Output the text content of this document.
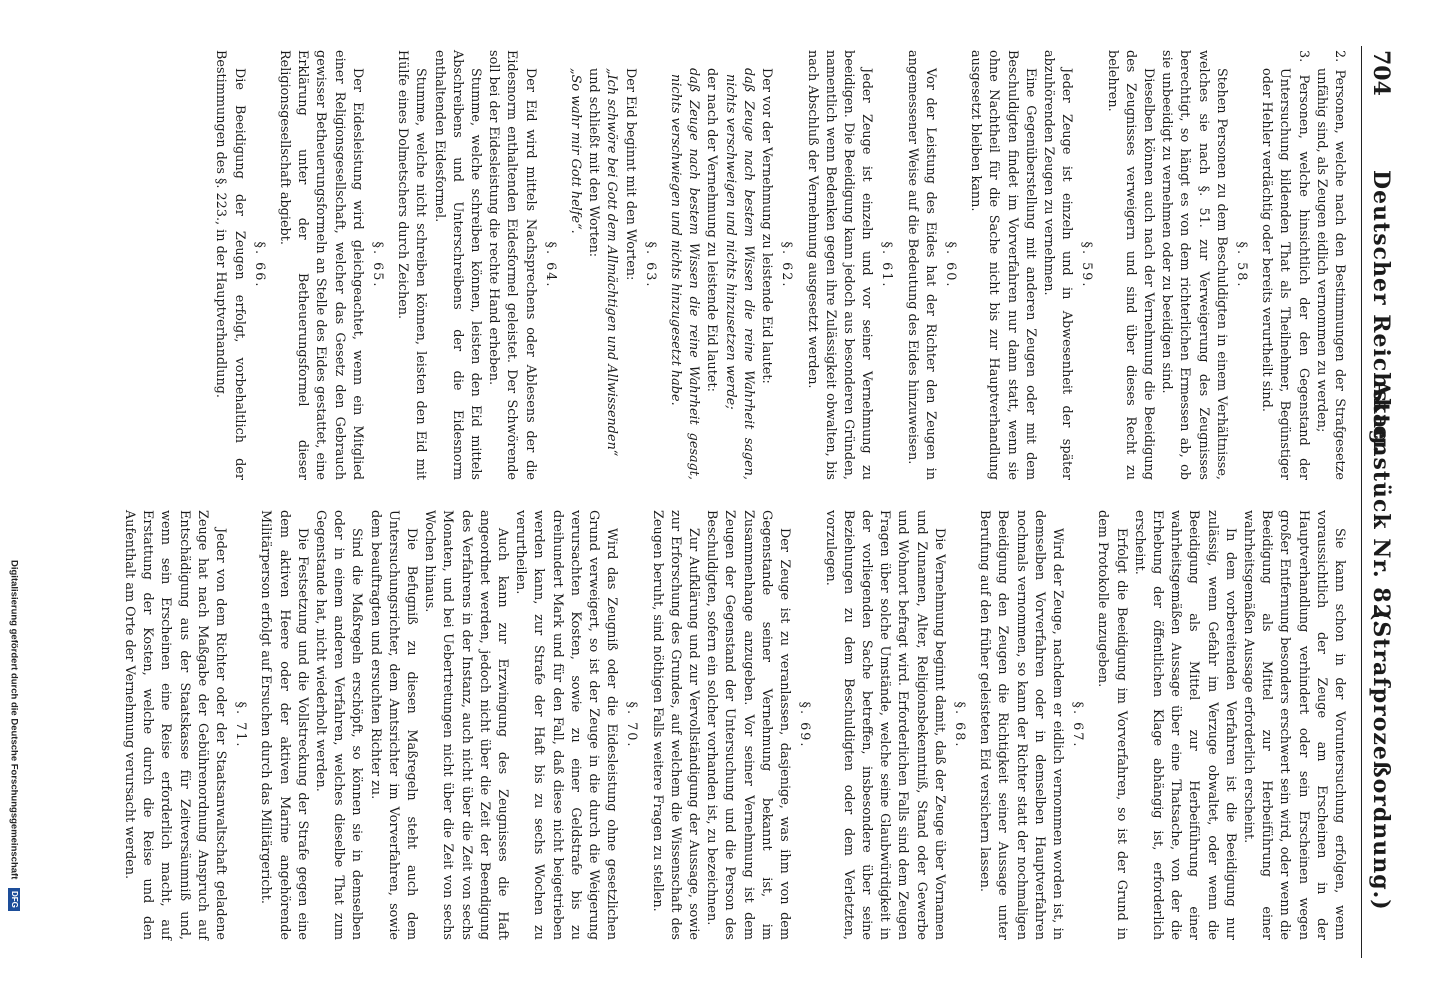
704
Deutscher Reichstag.
Aktenstück Nr. 82.
(Strafprozeßordnung.)

2. Personen, welche nach den Bestimmungen der Strafgesetze unfähig sind, als Zeugen eidlich vernommen zu werden;

3. Personen, welche hinsichtlich der den Gegenstand der Untersuchung bildenden That als Theilnehmer, Begünstiger oder Hehler verdächtig oder bereits verurtheilt sind.

§. 58.

Stehen Personen zu dem Beschuldigten in einem Verhältnisse, welches sie nach §. 51. zur Verweigerung des Zeugnisses berechtigt, so hängt es von dem richterlichen Ermessen ab, ob sie unbeeidigt zu vernehmen oder zu beeidigen sind.

Dieselben können auch nach der Vernehmung die Beeidigung des Zeugnisses verweigern und sind über dieses Recht zu belehren.

§. 59.

Jeder Zeuge ist einzeln und in Abwesenheit der später abzuhörenden Zeugen zu vernehmen.

Eine Gegenüberstellung mit anderen Zeugen oder mit dem Beschuldigten findet im Vorverfahren nur dann statt, wenn sie ohne Nachtheil für die Sache nicht bis zur Hauptverhandlung ausgesetzt bleiben kann.

§. 60.

Vor der Leistung des Eides hat der Richter den Zeugen in angemessener Weise auf die Bedeutung des Eides hinzuweisen.

§. 61.

Jeder Zeuge ist einzeln und vor seiner Vernehmung zu beeidigen. Die Beeidigung kann jedoch aus besonderen Gründen, namentlich wenn Bedenken gegen ihre Zulässigkeit obwalten, bis nach Abschluß der Vernehmung ausgesetzt werden.

§. 62.

Der vor der Vernehmung zu leistende Eid lautet:

daß Zeuge nach bestem Wissen die reine Wahrheit sagen, nichts verschweigen und nichts hinzusetzen werde;

der nach der Vernehmung zu leistende Eid lautet:

daß Zeuge nach bestem Wissen die reine Wahrheit gesagt, nichts verschwiegen und nichts hinzugesetzt habe.

§. 63.

Der Eid beginnt mit den Worten:

„Ich schwöre bei Gott dem Allmächtigen und Allwissenden“

und schließt mit den Worten:

„So wahr mir Gott helfe“.

§. 64.

Der Eid wird mittels Nachsprechens oder Ablesens der die Eidesnorm enthaltenden Eidesformel geleistet. Der Schwörende soll bei der Eidesleistung die rechte Hand erheben.

Stumme, welche schreiben können, leisten den Eid mittels Abschreibens und Unterschreibens der die Eidesnorm enthaltenden Eidesformel.

Stumme, welche nicht schreiben können, leisten den Eid mit Hülfe eines Dolmetschers durch Zeichen.

§. 65.

Der Eidesleistung wird gleichgeachtet, wenn ein Mitglied einer Religionsgesellschaft, welcher das Gesetz den Gebrauch gewisser Betheuerungsformeln an Stelle des Eides gestattet, eine Erklärung unter der Betheuerungsformel dieser Religionsgesellschaft abgiebt.

§. 66.

Die Beeidigung der Zeugen erfolgt, vorbehaltlich der Bestimmungen des §. 223., in der Hauptverhandlung.

Sie kann schon in der Voruntersuchung erfolgen, wenn voraussichtlich der Zeuge am Erscheinen in der Hauptverhandlung verhindert oder sein Erscheinen wegen großer Entfernung besonders erschwert sein wird, oder wenn die Beeidigung als Mittel zur Herbeiführung einer wahrheitsgemäßen Aussage erforderlich erscheint.

In dem vorbereitenden Verfahren ist die Beeidigung nur zulässig, wenn Gefahr im Verzuge obwaltet, oder wenn die Beeidigung als Mittel zur Herbeiführung einer wahrheitsgemäßen Aussage über eine Thatsache, von der die Erhebung der öffentlichen Klage abhängig ist, erforderlich erscheint.

Erfolgt die Beeidigung im Vorverfahren, so ist der Grund in dem Protokolle anzugeben.

§. 67.

Wird der Zeuge, nachdem er eidlich vernommen worden ist, in demselben Vorverfahren oder in demselben Hauptverfahren nochmals vernommen, so kann der Richter statt der nochmaligen Beeidigung den Zeugen die Richtigkeit seiner Aussage unter Berufung auf den früher geleisteten Eid versichern lassen.

§. 68.

Die Vernehmung beginnt damit, daß der Zeuge über Vornamen und Zunamen, Alter, Religionsbekenntniß, Stand oder Gewerbe und Wohnort befragt wird. Erforderlichen Falls sind dem Zeugen Fragen über solche Umstände, welche seine Glaubwürdigkeit in der vorliegenden Sache betreffen, insbesondere über seine Beziehungen zu dem Beschuldigten oder dem Verletzten, vorzulegen.

§. 69.

Der Zeuge ist zu veranlassen, dasjenige, was ihm von dem Gegenstande seiner Vernehmung bekannt ist, im Zusammenhange anzugeben. Vor seiner Vernehmung ist dem Zeugen der Gegenstand der Untersuchung und die Person des Beschuldigten, sofern ein solcher vorhanden ist, zu bezeichnen.

Zur Aufklärung und zur Vervollständigung der Aussage, sowie zur Erforschung des Grundes, auf welchem die Wissenschaft des Zeugen beruht, sind nöthigen Falls weitere Fragen zu stellen.

§. 70.

Wird das Zeugniß oder die Eidesleistung ohne gesetzlichen Grund verweigert, so ist der Zeuge in die durch die Weigerung verursachten Kosten, sowie zu einer Geldstrafe bis zu dreihundert Mark und für den Fall, daß diese nicht beigetrieben werden kann, zur Strafe der Haft bis zu sechs Wochen zu verurtheilen.

Auch kann zur Erzwingung des Zeugnisses die Haft angeordnet werden, jedoch nicht über die Zeit der Beendigung des Verfahrens in der Instanz, auch nicht über die Zeit von sechs Monaten, und bei Uebertretungen nicht über die Zeit von sechs Wochen hinaus.

Die Befugniß zu diesen Maßregeln steht auch dem Untersuchungsrichter, dem Amtsrichter im Vorverfahren, sowie dem beauftragten und ersuchten Richter zu.

Sind die Maßregeln erschöpft, so können sie in demselben oder in einem anderen Verfahren, welches dieselbe That zum Gegenstande hat, nicht wiederholt werden.

Die Festsetzung und die Vollstreckung der Strafe gegen eine dem aktiven Heere oder der aktiven Marine angehörende Militärperson erfolgt auf Ersuchen durch das Militärgericht.

§. 71.

Jeder von dem Richter oder der Staatsanwaltschaft geladene Zeuge hat nach Maßgabe der Gebührenordnung Anspruch auf Entschädigung aus der Staatskasse für Zeitversäumniß und, wenn sein Erscheinen eine Reise erforderlich macht, auf Erstattung der Kosten, welche durch die Reise und den Aufenthalt am Orte der Vernehmung verursacht werden.

Digitalisierung gefördert durch die Deutsche Forschungsgemeinschaft DFG
